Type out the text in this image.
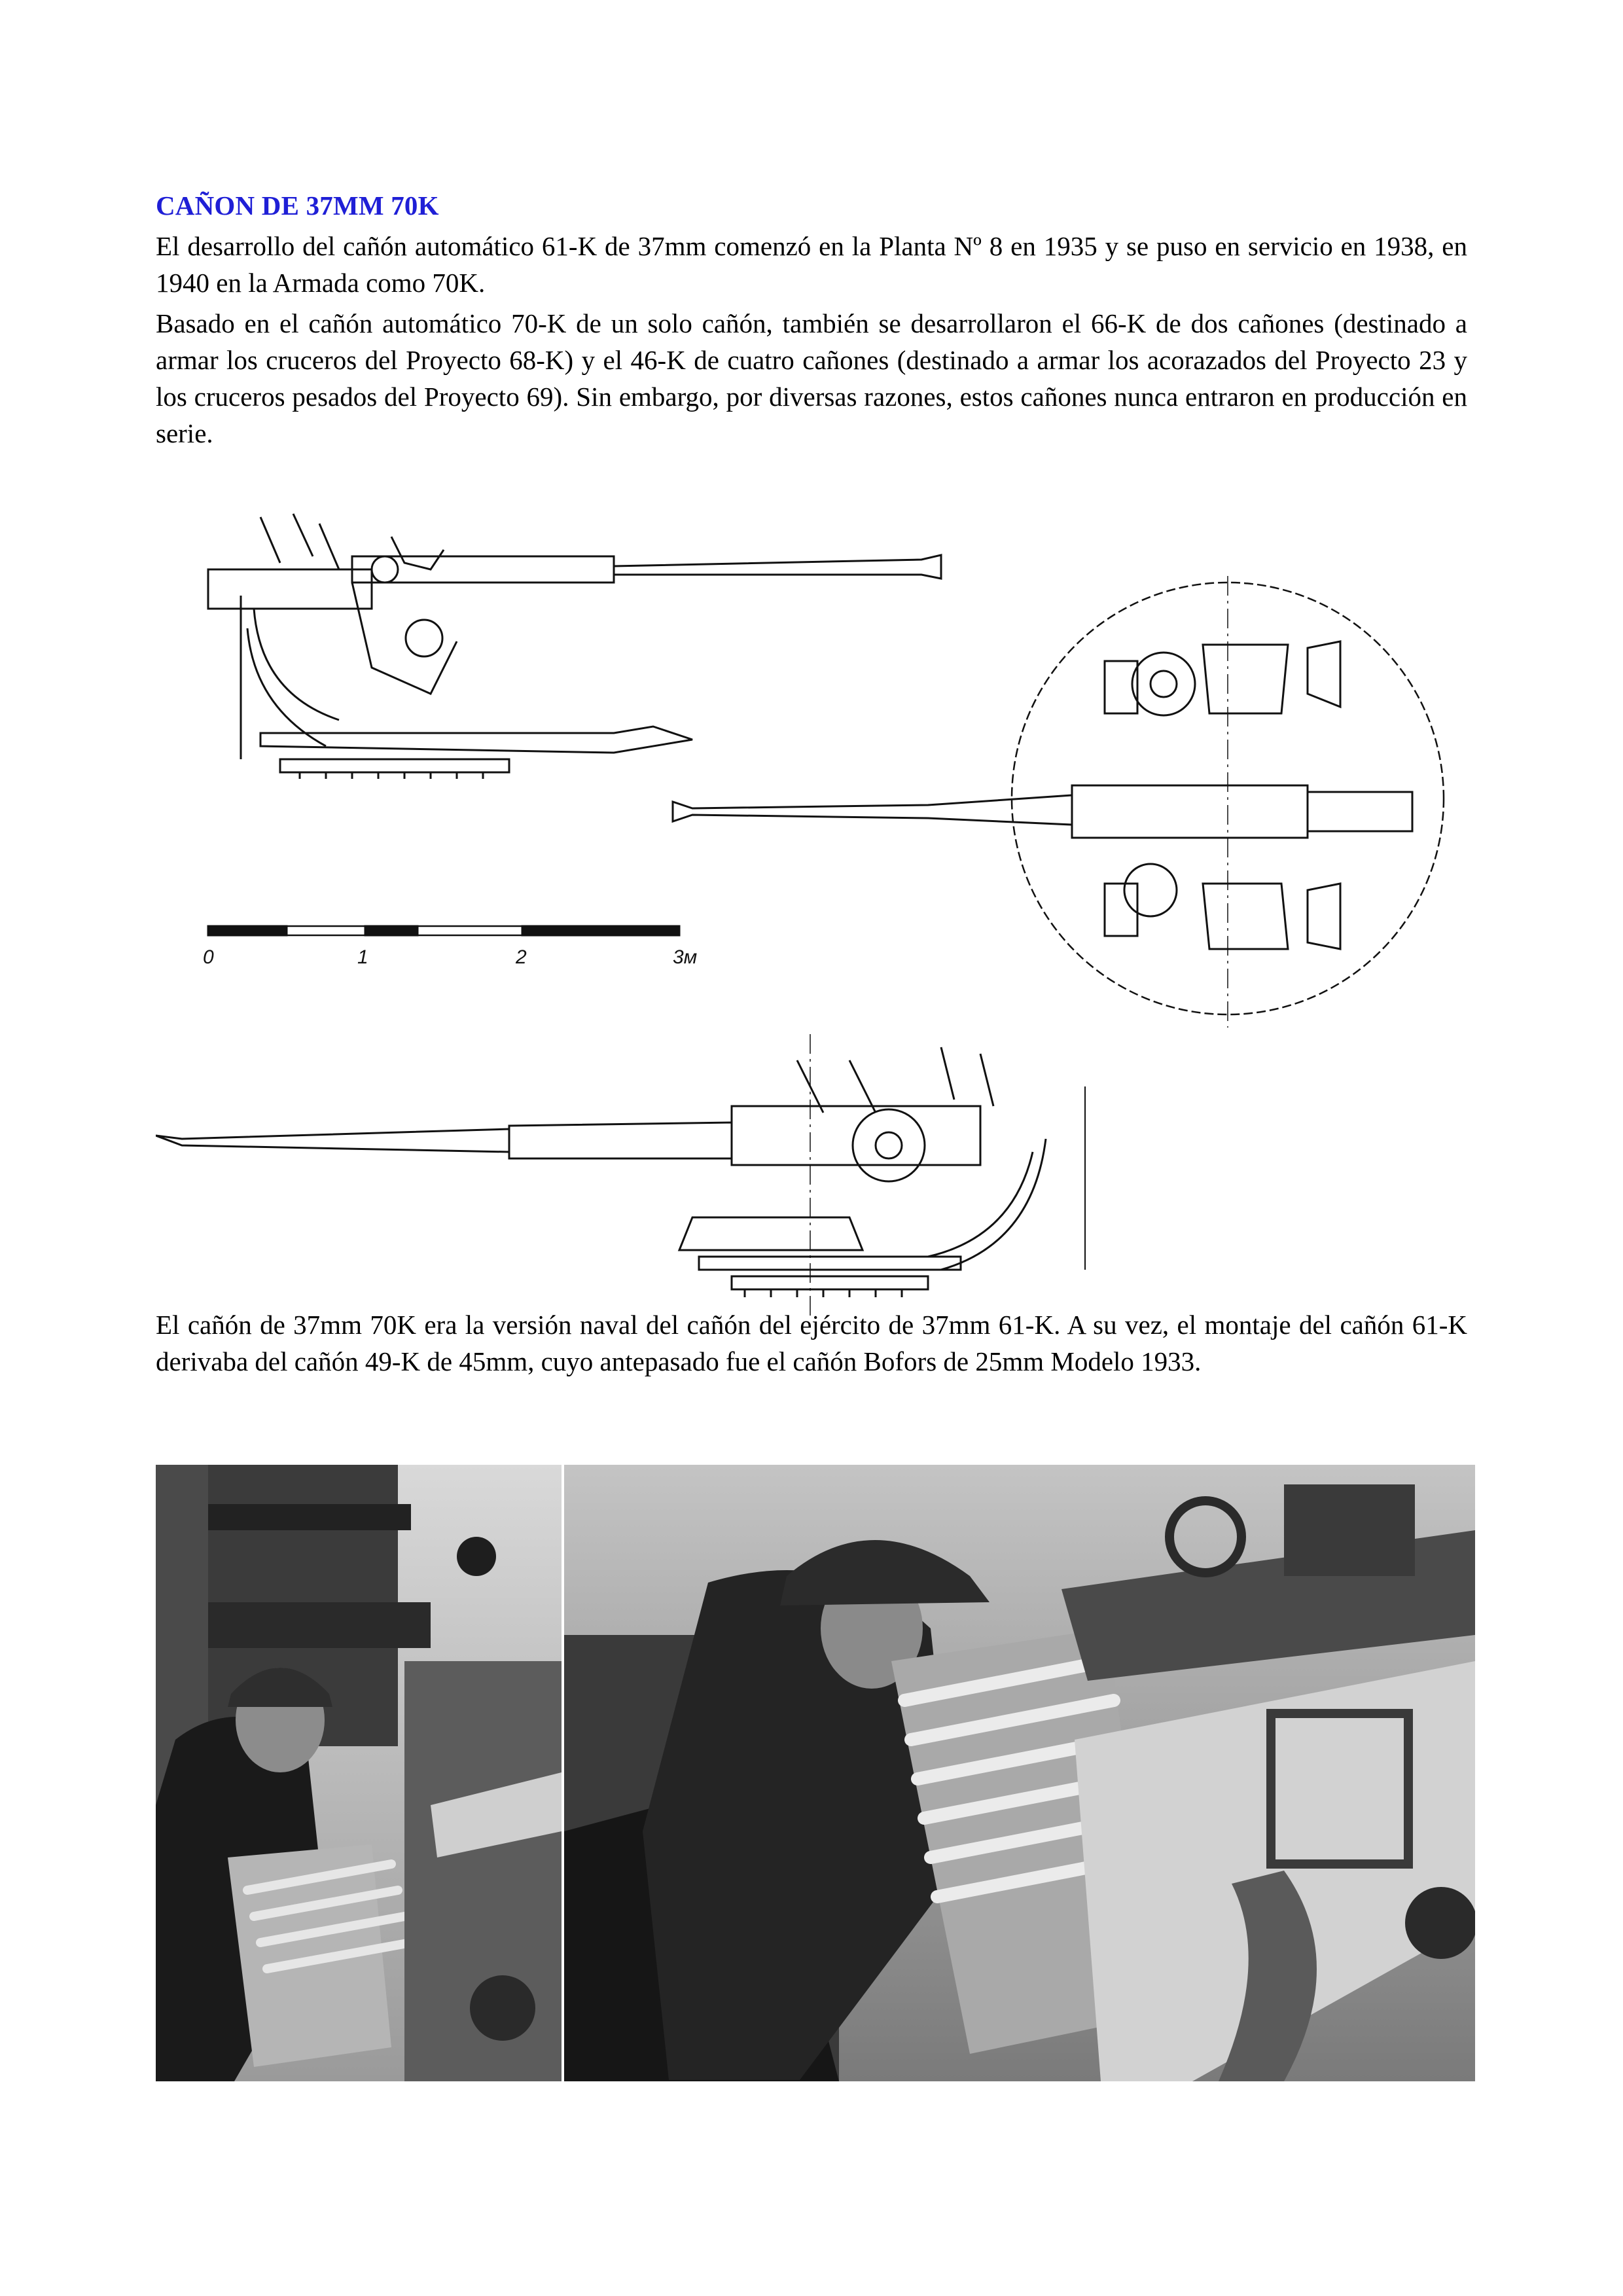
CAÑON DE 37MM 70K

El desarrollo del cañón automático 61-K de 37mm comenzó en la Planta Nº 8 en 1935 y se puso en servicio en 1938, en 1940 en la Armada como 70K.

Basado en el cañón automático 70-K de un solo cañón, también se desarrollaron el 66-K de dos cañones (destinado a armar los cruceros del Proyecto 68-K) y el 46-K de cuatro cañones (destinado a armar los acorazados del Proyecto 23 y los cruceros pesados del Proyecto 69). Sin embargo, por diversas razones, estos cañones nunca entraron en producción en serie.

0	1	2	3м

El cañón de 37mm 70K era la versión naval del cañón del ejército de 37mm 61-K. A su vez, el montaje del cañón 61-K derivaba del cañón 49-K de 45mm, cuyo antepasado fue el cañón Bofors de 25mm Modelo 1933.
